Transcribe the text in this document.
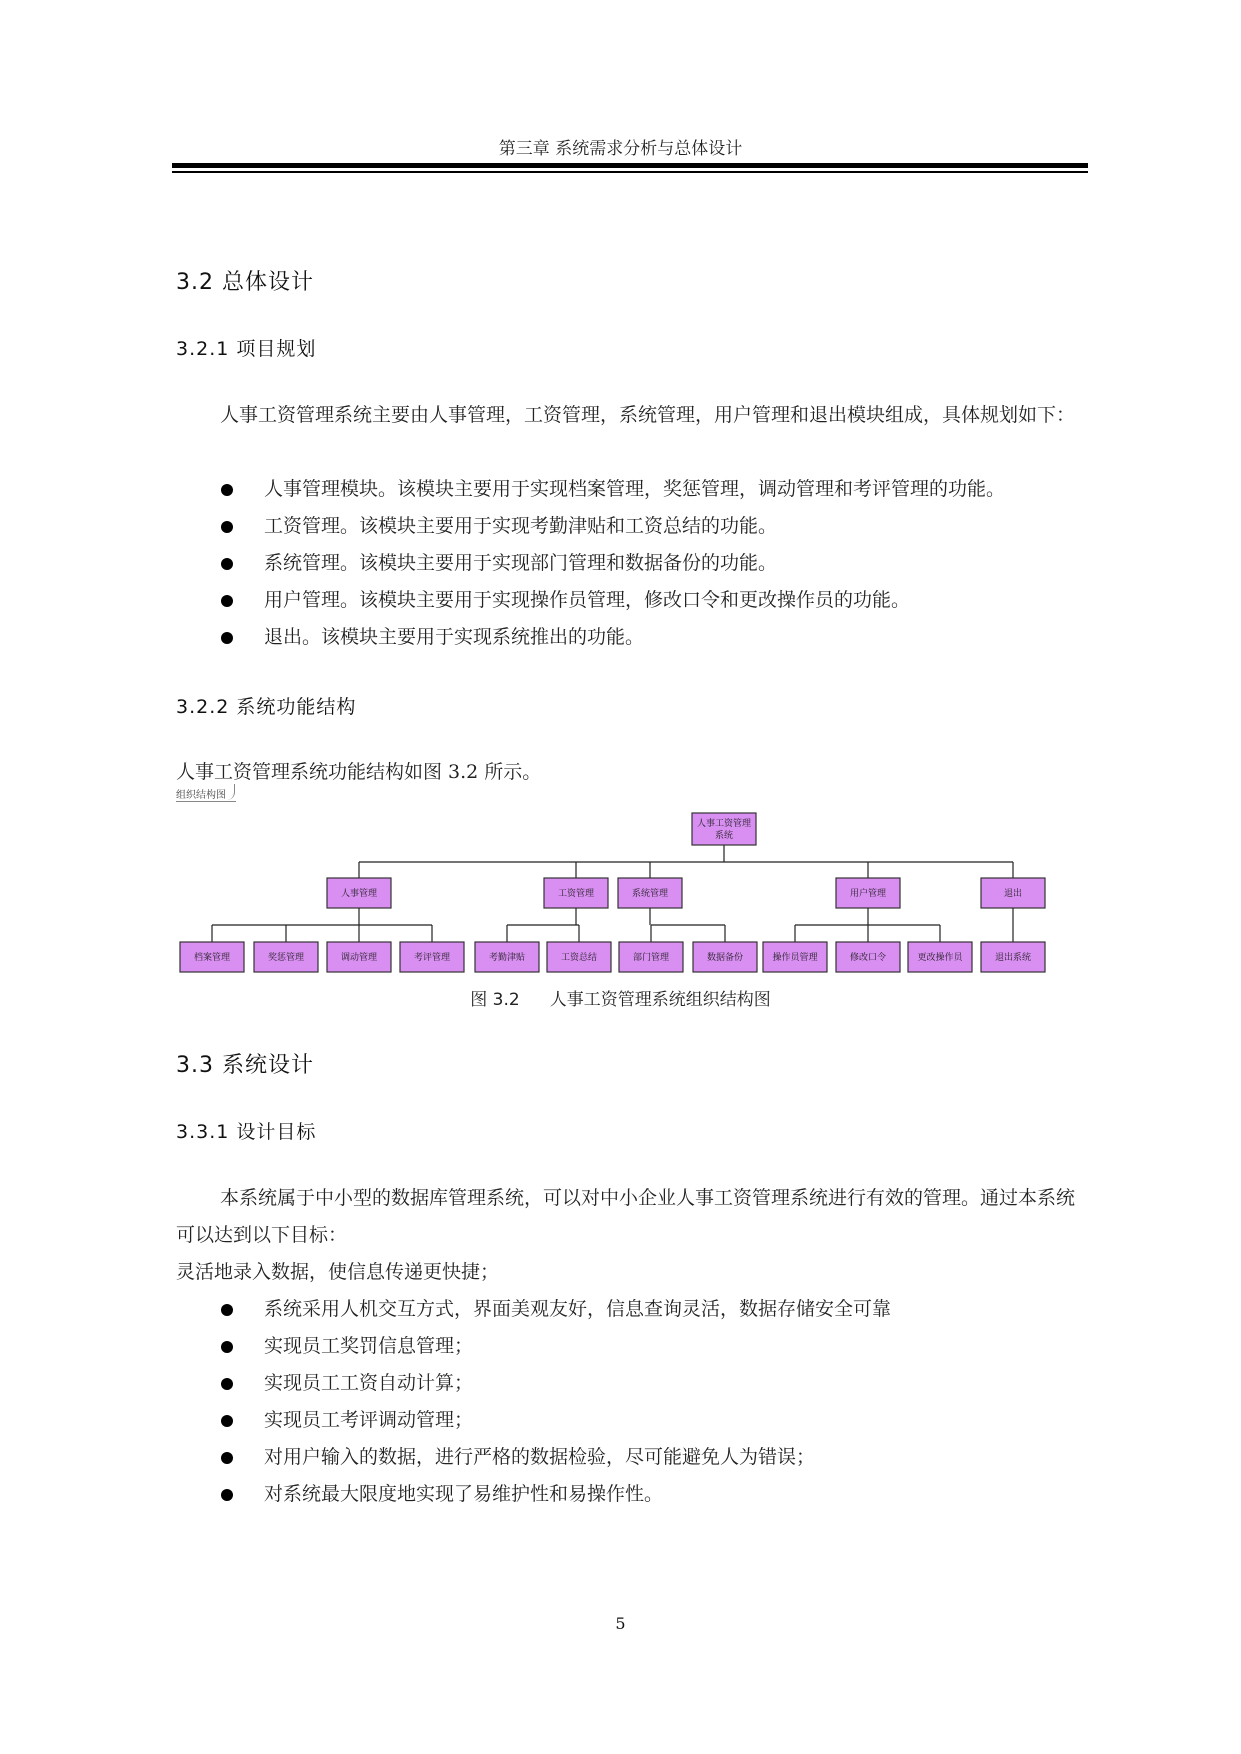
第三章 系统需求分析与总体设计
3.2 总体设计
3.2.1 项目规划
人事工资管理系统主要由人事管理，工资管理，系统管理，用户管理和退出模块组成，具体规划如下：
人事管理模块。该模块主要用于实现档案管理，奖惩管理，调动管理和考评管理的功能。
工资管理。该模块主要用于实现考勤津贴和工资总结的功能。
系统管理。该模块主要用于实现部门管理和数据备份的功能。
用户管理。该模块主要用于实现操作员管理，修改口令和更改操作员的功能。
退出。该模块主要用于实现系统推出的功能。
3.2.2 系统功能结构
人事工资管理系统功能结构如图 3.2 所示。
组织结构图
人事工资管理
系统
人事管理
档案管理	奖惩管理	调动管理	考评管理
工资管理
考勤津贴	工资总结
系统管理
部门管理	数据备份
用户管理
操作员管理	修改口令	更改操作员
退出
退出系统
图 3.2 人事工资管理系统组织结构图
3.3 系统设计
3.3.1 设计目标
本系统属于中小型的数据库管理系统，可以对中小企业人事工资管理系统进行有效的管理。通过本系统可以达到以下目标：
灵活地录入数据，使信息传递更快捷；
系统采用人机交互方式，界面美观友好，信息查询灵活，数据存储安全可靠
实现员工奖罚信息管理；
实现员工工资自动计算；
实现员工考评调动管理；
对用户输入的数据，进行严格的数据检验，尽可能避免人为错误；
对系统最大限度地实现了易维护性和易操作性。
5
